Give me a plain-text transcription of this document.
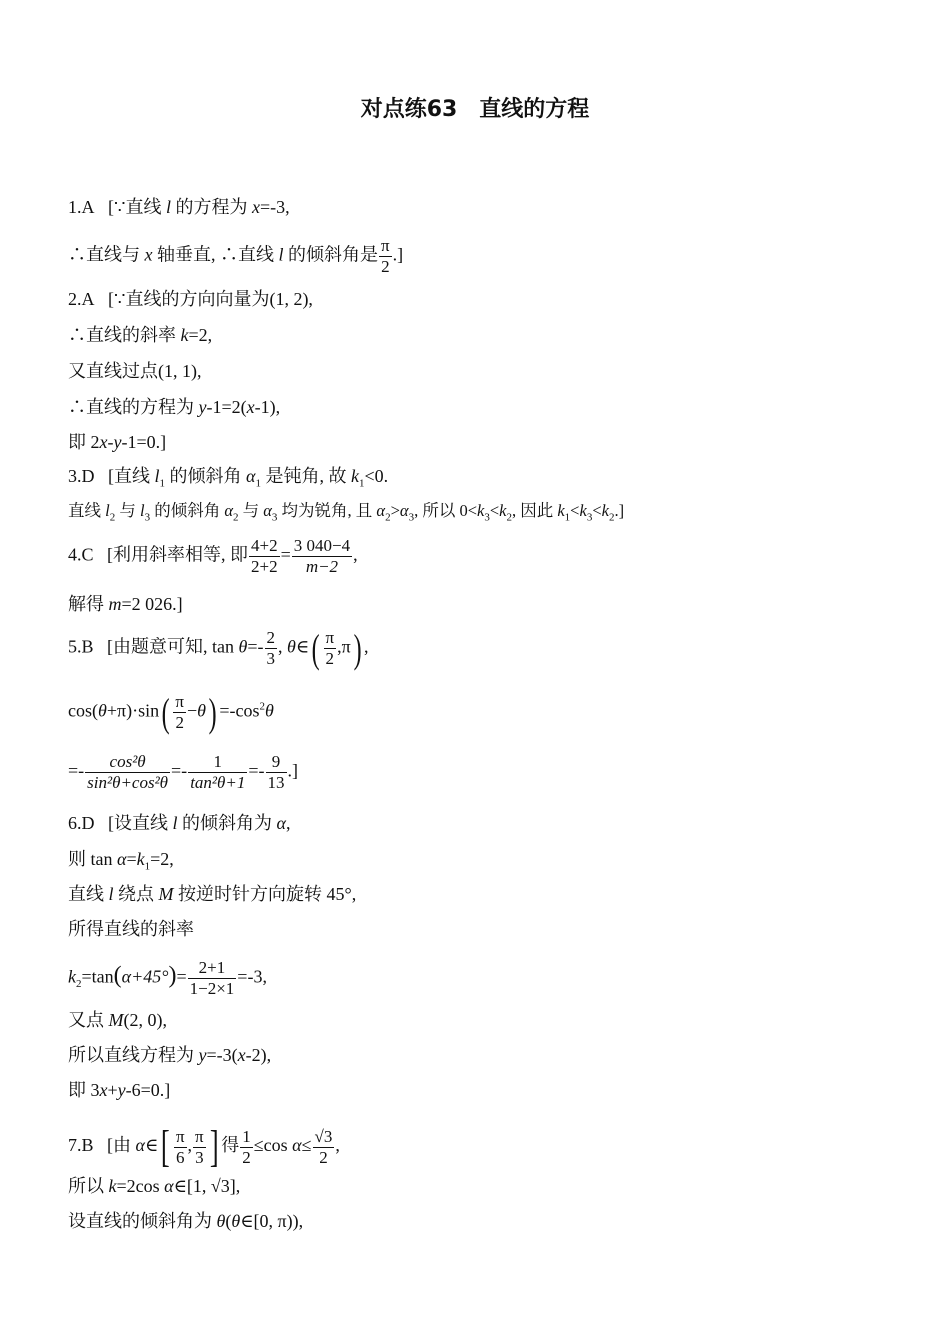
对点练63　直线的方程
1.A [∵直线 l 的方程为 x=-3,
∴直线与 x 轴垂直, ∴直线 l 的倾斜角是 $\frac{\pi}{2}$ .]
2.A [∵直线的方向向量为(1, 2),
∴直线的斜率 k=2,
又直线过点(1, 1),
∴直线的方程为 y-1=2(x-1),
即 2x-y-1=0.]
3.D [直线 $l_1$ 的倾斜角 $\alpha_1$ 是钝角, 故 $k_1<0$.
直线 $l_2$ 与 $l_3$ 的倾斜角 $\alpha_2$ 与 $\alpha_3$ 均为锐角, 且 $\alpha_2>\alpha_3$, 所以 $0<k_3<k_2$, 因此 $k_1<k_3<k_2$.]
4.C [利用斜率相等, 即 $\frac{4+2}{2+2} = \frac{3 040-4}{m-2}$ ,
解得 m=2 026.]
5.B [由题意可知, $\tan \theta=- \frac{2}{3}$ , θ∈( $\frac{\pi}{2} ,\pi$) ,
$\cos(\theta+\pi)\cdot\sin( \frac{\pi}{2} -\theta) =-\cos^2\theta$
=- $\frac{\text{cos²θ}}{\text{sin²θ+cos²θ}} =- \frac{1}{\text{tan²θ+1}} =- \frac{9}{13}$ .]
6.D [设直线 l 的倾斜角为 α,
则 $\tan \alpha=k_1=2$,
直线 l 绕点 M 按逆时针方向旋转 45°,
所得直线的斜率
$k_2=\tan(\alpha+45^\circ)= \frac{2+1}{1-2\times 1} =-3$,
又点 M(2, 0),
所以直线方程为 y=-3(x-2),
即 3x+y-6=0.]
7.B [由 α∈[ $\frac{\pi}{6}$ , $\frac{\pi}{3}$ ] 得 $\frac{1}{2} \le\cos$ $\alpha\le \frac{√3}{2}$ ,
所以 k=2cos α∈[1, √3],
设直线的倾斜角为 θ(θ∈[0, π)),
